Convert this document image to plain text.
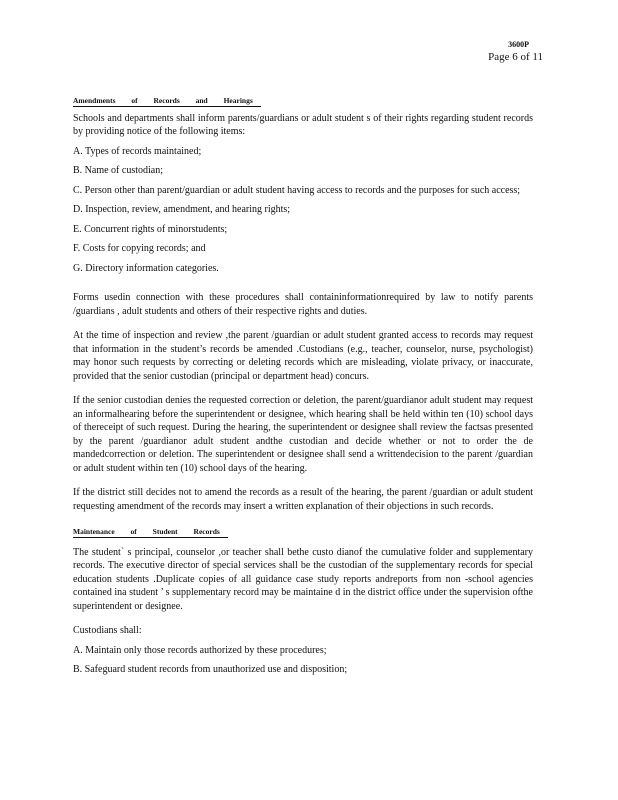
3600P
Page 6 of 11
Amendments of Records and Hearings

Schools and departments shall inform parents/guardians or adult student s of their rights regarding student records by providing notice of the following items:

A. Types of records maintained;

B. Name of custodian;

C. Person other than parent/guardian or adult student having access to records and the purposes for such access;

D. Inspection, review, amendment, and hearing rights;

E. Concurrent rights of minorstudents;

F. Costs for copying records; and

G. Directory information categories.

Forms usedin connection with these procedures shall containinformationrequired by law to notify parents /guardians , adult students and others of their respective rights and duties.

At the time of inspection and review ,the parent /guardian or adult student granted access to records may request that information in the student’s records be amended .Custodians (e.g., teacher, counselor, nurse, psychologist) may honor such requests by correcting or deleting records which are misleading, violate privacy, or inaccurate, provided that the senior custodian (principal or department head) concurs.

If the senior custodian denies the requested correction or deletion, the parent/guardianor adult student may request an informalhearing before the superintendent or designee, which hearing shall be held within ten (10) school days of thereceipt of such request. During the hearing, the superintendent or designee shall review the factsas presented by the parent /guardianor adult student andthe custodian and decide whether or not to order the de mandedcorrection or deletion. The superintendent or designee shall send a writtendecision to the parent /guardian or adult student within ten (10) school days of the hearing.

If the district still decides not to amend the records as a result of the hearing, the parent /guardian or adult student requesting amendment of the records may insert a written explanation of their objections in such records.

Maintenance of Student Records

The student` s principal, counselor ,or teacher shall bethe custo dianof the cumulative folder and supplementary records. The executive director of special services shall be the custodian of the supplementary records for special education students .Duplicate copies of all guidance case study reports andreports from non -school agencies contained ina student ’ s supplementary record may be maintaine d in the district office under the supervision ofthe superintendent or designee.

Custodians shall:

A. Maintain only those records authorized by these procedures;

B. Safeguard student records from unauthorized use and disposition;
